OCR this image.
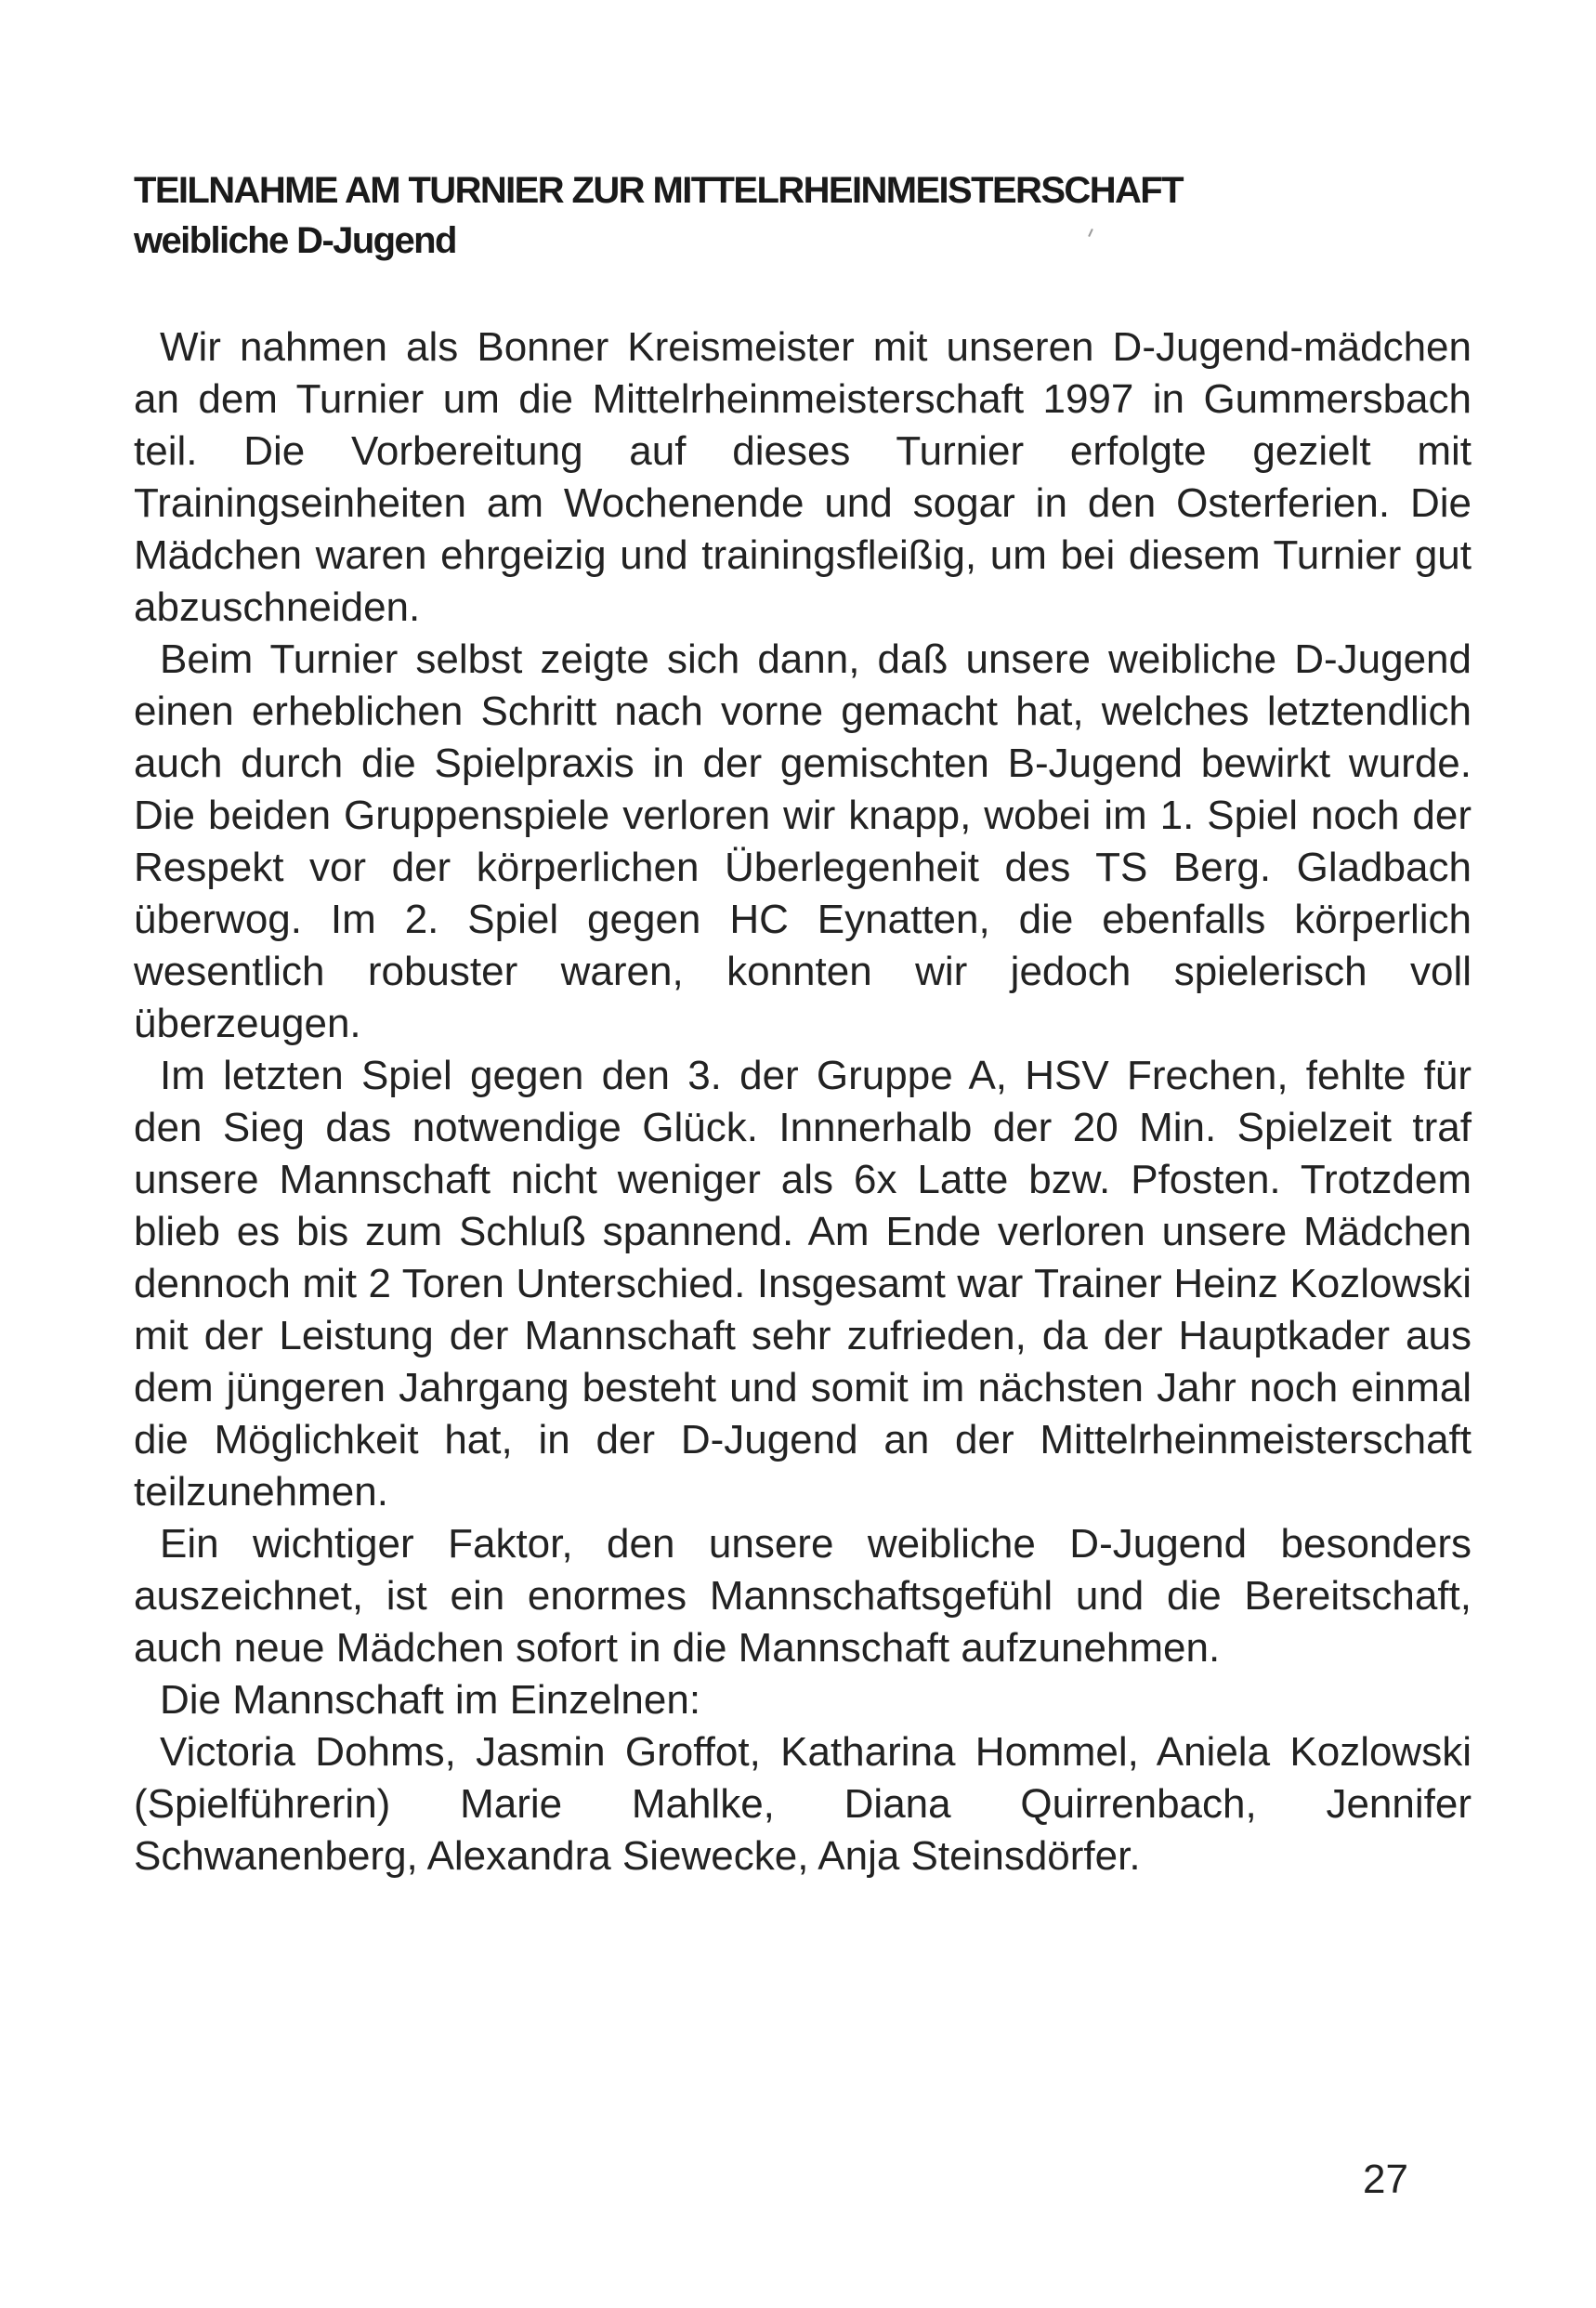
TEILNAHME AM TURNIER ZUR MITTELRHEINMEISTERSCHAFT
weibliche D-Jugend

Wir nahmen als Bonner Kreismeister mit unseren D-Jugend-mädchen an dem Turnier um die Mittelrheinmeisterschaft 1997 in Gummersbach teil. Die Vorbereitung auf dieses Turnier erfolgte gezielt mit Trainingseinheiten am Wochenende und sogar in den Osterferien. Die Mädchen waren ehrgeizig und trainingsfleißig, um bei diesem Turnier gut abzuschneiden.

Beim Turnier selbst zeigte sich dann, daß unsere weibliche D-Jugend einen erheblichen Schritt nach vorne gemacht hat, welches letztendlich auch durch die Spielpraxis in der gemischten B-Jugend bewirkt wurde. Die beiden Gruppenspiele verloren wir knapp, wobei im 1. Spiel noch der Respekt vor der körperlichen Überlegenheit des TS Berg. Gladbach überwog. Im 2. Spiel gegen HC Eynatten, die ebenfalls körperlich wesentlich robuster waren, konnten wir jedoch spielerisch voll überzeugen.

Im letzten Spiel gegen den 3. der Gruppe A, HSV Frechen, fehlte für den Sieg das notwendige Glück. Innnerhalb der 20 Min. Spielzeit traf unsere Mannschaft nicht weniger als 6x Latte bzw. Pfosten. Trotzdem blieb es bis zum Schluß spannend. Am Ende verloren unsere Mädchen dennoch mit 2 Toren Unterschied. Insgesamt war Trainer Heinz Kozlowski mit der Leistung der Mannschaft sehr zufrieden, da der Hauptkader aus dem jüngeren Jahrgang besteht und somit im nächsten Jahr noch einmal die Möglichkeit hat, in der D-Jugend an der Mittelrheinmeisterschaft teilzunehmen.

Ein wichtiger Faktor, den unsere weibliche D-Jugend besonders auszeichnet, ist ein enormes Mannschaftsgefühl und die Bereitschaft, auch neue Mädchen sofort in die Mannschaft aufzunehmen.

Die Mannschaft im Einzelnen:

Victoria Dohms, Jasmin Groffot, Katharina Hommel, Aniela Kozlowski (Spielführerin) Marie Mahlke, Diana Quirrenbach, Jennifer Schwanenberg, Alexandra Siewecke, Anja Steinsdörfer.

27
